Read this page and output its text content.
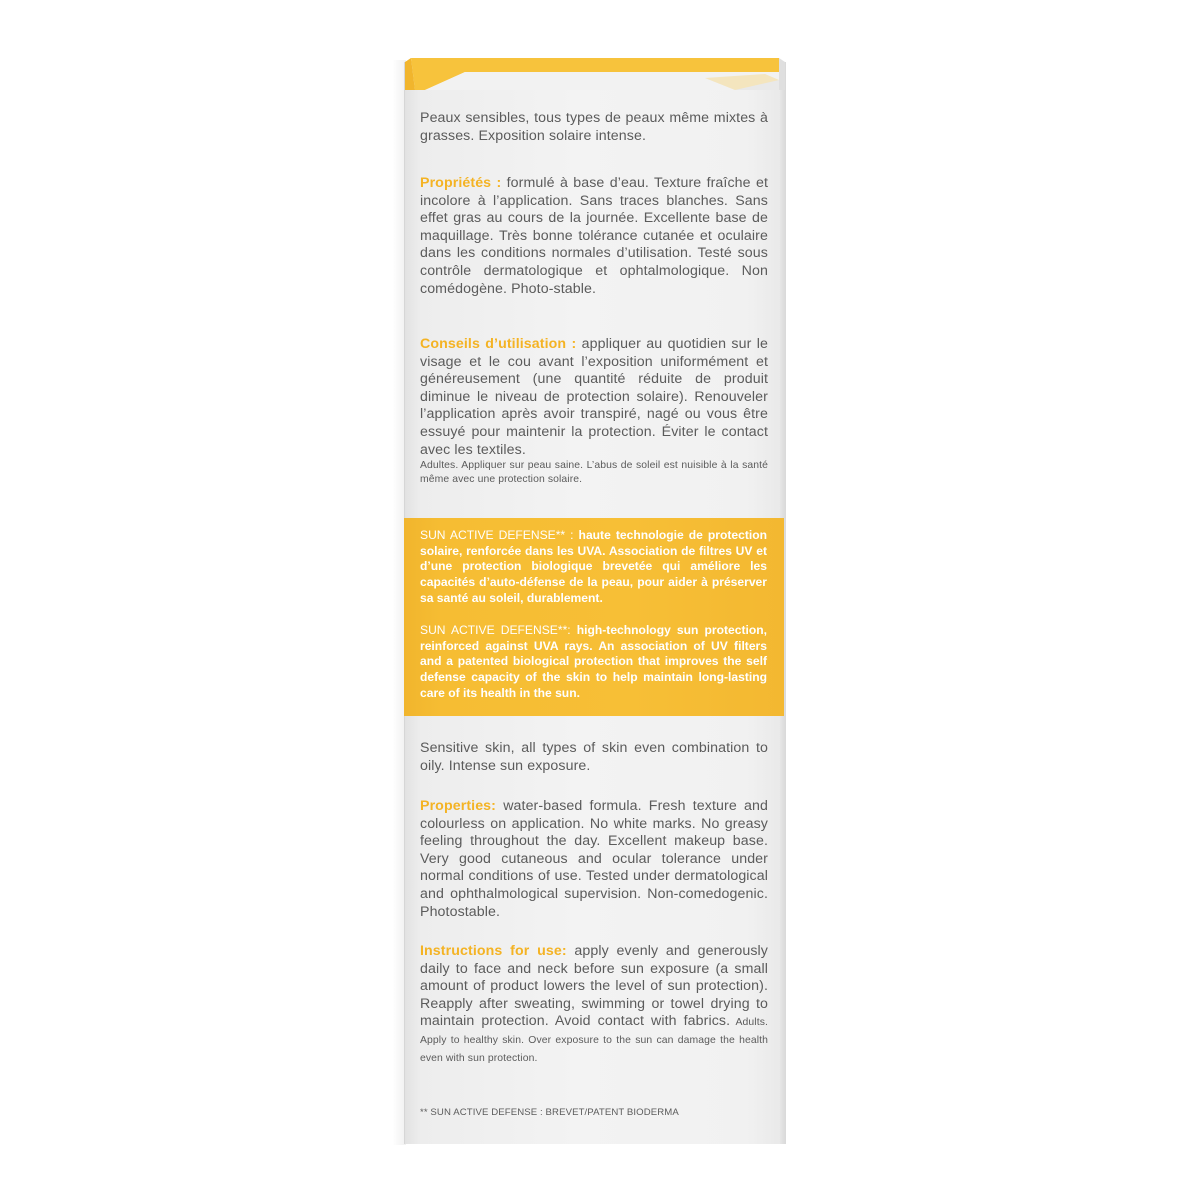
Peaux sensibles, tous types de peaux même mixtes à grasses. Exposition solaire intense.
Propriétés : formulé à base d’eau. Texture fraîche et incolore à l’application. Sans traces blanches. Sans effet gras au cours de la journée. Excellente base de maquillage. Très bonne tolérance cutanée et oculaire dans les conditions normales d’utilisation. Testé sous contrôle dermatologique et ophtalmologique. Non comédogène. Photo-stable.
Conseils d’utilisation : appliquer au quotidien sur le visage et le cou avant l’exposition uniformément et généreusement (une quantité réduite de produit diminue le niveau de protection solaire). Renouveler l’application après avoir transpiré, nagé ou vous être essuyé pour maintenir la protection. Éviter le contact avec les textiles.
Adultes. Appliquer sur peau saine. L’abus de soleil est nuisible à la santé même avec une protection solaire.
SUN ACTIVE DEFENSE** : haute technologie de protection solaire, renforcée dans les UVA. Association de filtres UV et d’une protection biologique brevetée qui améliore les capacités d’auto-défense de la peau, pour aider à préserver sa santé au soleil, durablement.
SUN ACTIVE DEFENSE**: high-technology sun protection, reinforced against UVA rays. An association of UV filters and a patented biological protection that improves the self defense capacity of the skin to help maintain long-lasting care of its health in the sun.
Sensitive skin, all types of skin even combination to oily. Intense sun exposure.
Properties: water-based formula. Fresh texture and colourless on application. No white marks. No greasy feeling throughout the day. Excellent makeup base. Very good cutaneous and ocular tolerance under normal conditions of use. Tested under dermatological and ophthalmological supervision. Non-comedogenic. Photostable.
Instructions for use: apply evenly and generously daily to face and neck before sun exposure (a small amount of product lowers the level of sun protection). Reapply after sweating, swimming or towel drying to maintain protection. Avoid contact with fabrics. Adults. Apply to healthy skin. Over exposure to the sun can damage the health even with sun protection.
** SUN ACTIVE DEFENSE : BREVET/PATENT BIODERMA
